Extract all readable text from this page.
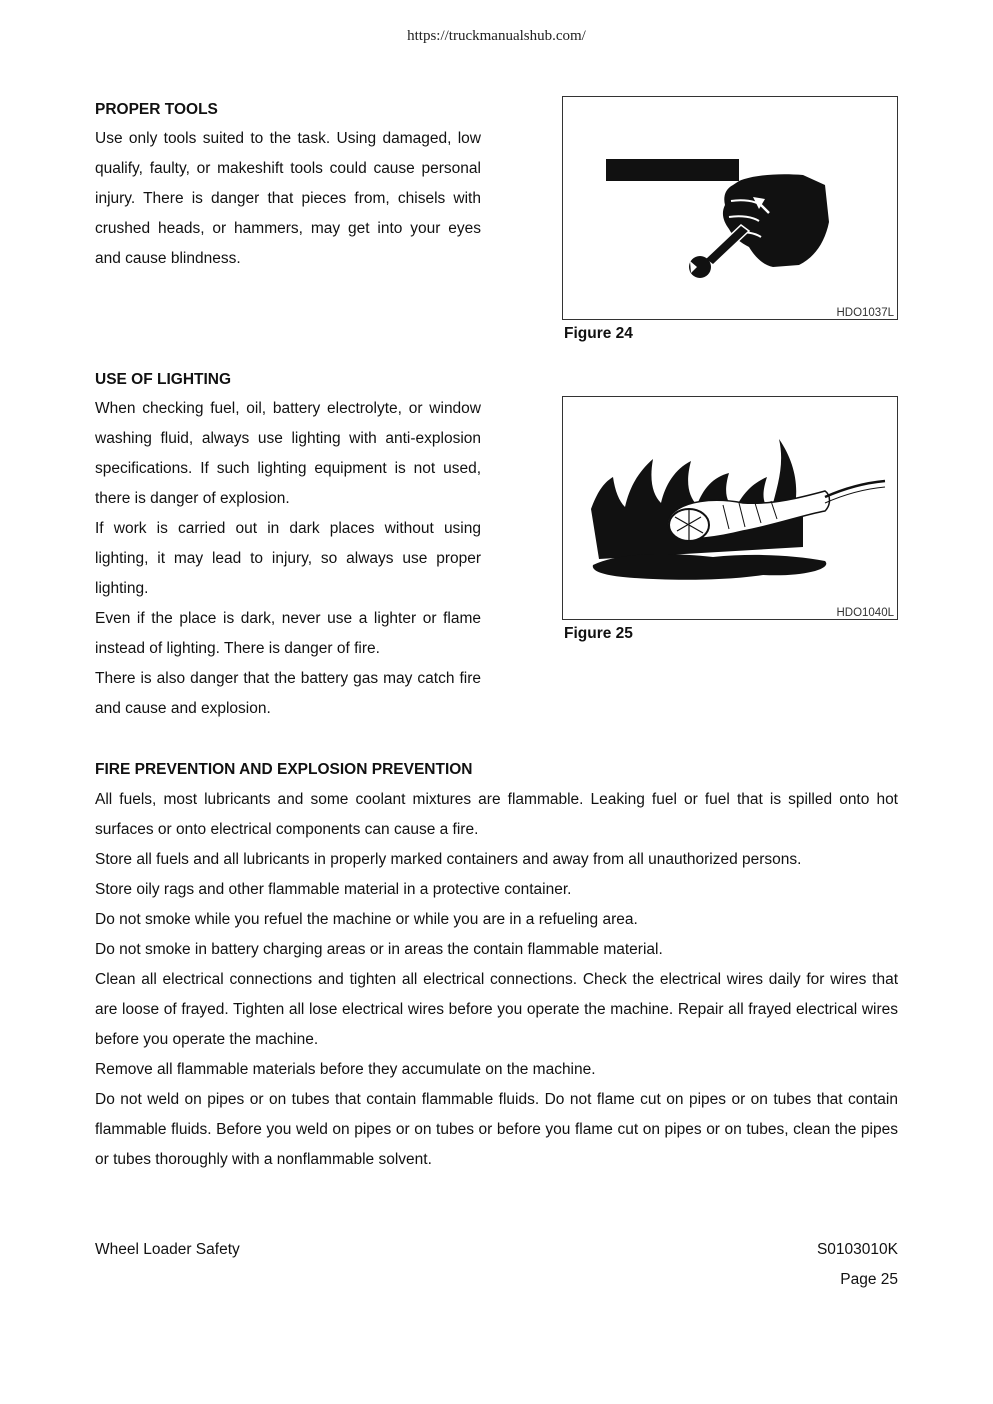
https://truckmanualshub.com/
PROPER TOOLS

Use only tools suited to the task. Using damaged, low qualify, faulty, or makeshift tools could cause personal injury. There is danger that pieces from, chisels with crushed heads, or hammers, may get into your eyes and cause blindness.

HDO1037L
Figure 24
USE OF LIGHTING

When checking fuel, oil, battery electrolyte, or window washing fluid, always use lighting with anti-explosion specifications. If such lighting equipment is not used, there is danger of explosion.

If work is carried out in dark places without using lighting, it may lead to injury, so always use proper lighting.

Even if the place is dark, never use a lighter or flame instead of lighting. There is danger of fire.

There is also danger that the battery gas may catch fire and cause and explosion.

HDO1040L
Figure 25
FIRE PREVENTION AND EXPLOSION PREVENTION

All fuels, most lubricants and some coolant mixtures are flammable. Leaking fuel or fuel that is spilled onto hot surfaces or onto electrical components can cause a fire.

Store all fuels and all lubricants in properly marked containers and away from all unauthorized persons.

Store oily rags and other flammable material in a protective container.

Do not smoke while you refuel the machine or while you are in a refueling area.

Do not smoke in battery charging areas or in areas the contain flammable material.

Clean all electrical connections and tighten all electrical connections. Check the electrical wires daily for wires that are loose of frayed. Tighten all lose electrical wires before you operate the machine. Repair all frayed electrical wires before you operate the machine.

Remove all flammable materials before they accumulate on the machine.

Do not weld on pipes or on tubes that contain flammable fluids. Do not flame cut on pipes or on tubes that contain flammable fluids. Before you weld on pipes or on tubes or before you flame cut on pipes or on tubes, clean the pipes or tubes thoroughly with a nonflammable solvent.

Wheel Loader Safety	S0103010K
Page 25
